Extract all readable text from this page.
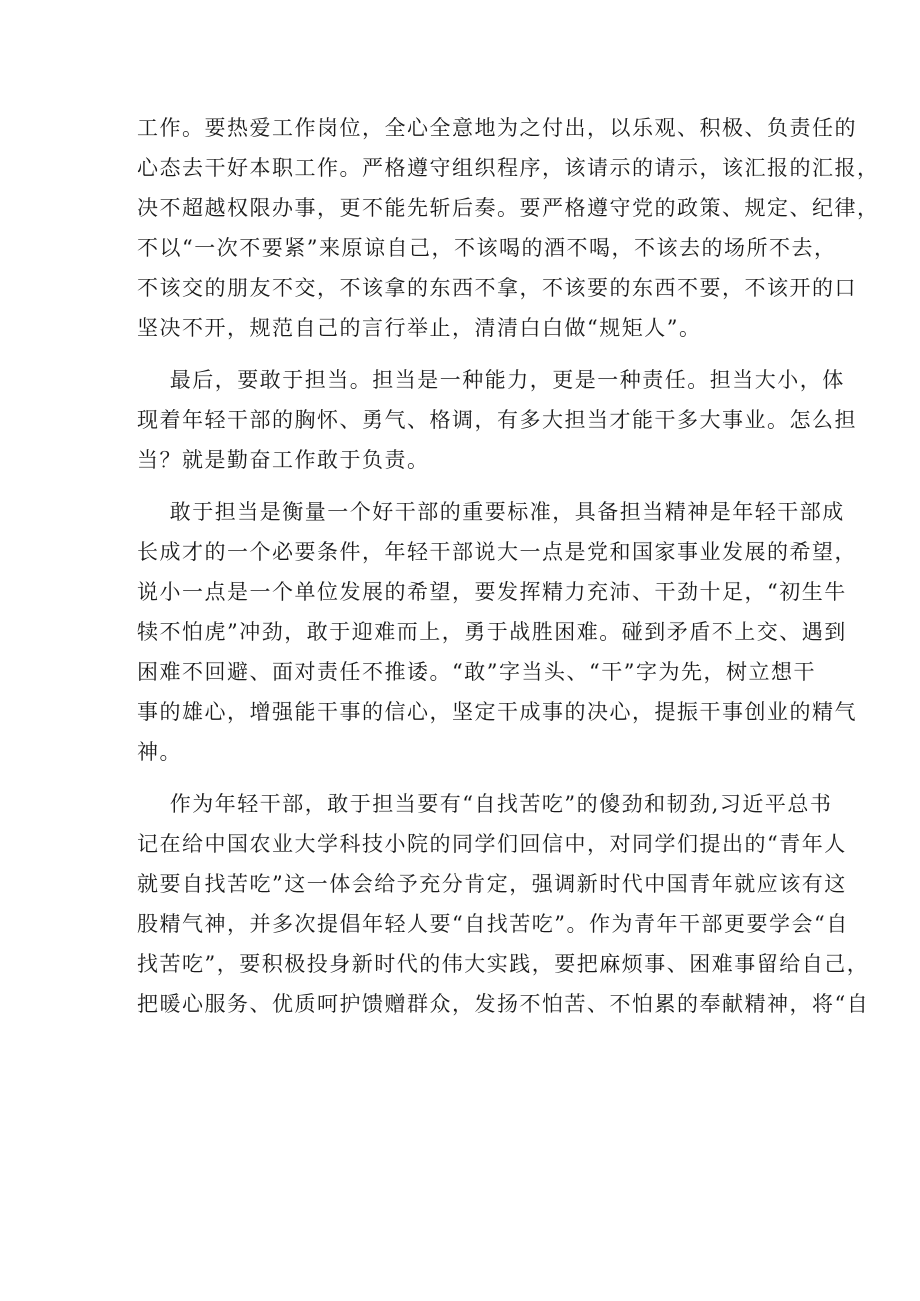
工作。要热爱工作岗位，全心全意地为之付出，以乐观、积极、负责任的
心态去干好本职工作。严格遵守组织程序，该请示的请示，该汇报的汇报，
决不超越权限办事，更不能先斩后奏。要严格遵守党的政策、规定、纪律，
不以“一次不要紧”来原谅自己，不该喝的酒不喝，不该去的场所不去，
不该交的朋友不交，不该拿的东西不拿，不该要的东西不要，不该开的口
坚决不开，规范自己的言行举止，清清白白做“规矩人”。
最后，要敢于担当。担当是一种能力，更是一种责任。担当大小，体
现着年轻干部的胸怀、勇气、格调，有多大担当才能干多大事业。怎么担
当？就是勤奋工作敢于负责。
敢于担当是衡量一个好干部的重要标准，具备担当精神是年轻干部成
长成才的一个必要条件，年轻干部说大一点是党和国家事业发展的希望，
说小一点是一个单位发展的希望，要发挥精力充沛、干劲十足，“初生牛
犊不怕虎”冲劲，敢于迎难而上，勇于战胜困难。碰到矛盾不上交、遇到
困难不回避、面对责任不推诿。“敢”字当头、“干”字为先，树立想干
事的雄心，增强能干事的信心，坚定干成事的决心，提振干事创业的精气
神。
作为年轻干部，敢于担当要有“自找苦吃”的傻劲和韧劲,习近平总书
记在给中国农业大学科技小院的同学们回信中，对同学们提出的“青年人
就要自找苦吃”这一体会给予充分肯定，强调新时代中国青年就应该有这
股精气神，并多次提倡年轻人要“自找苦吃”。作为青年干部更要学会“自
找苦吃”，要积极投身新时代的伟大实践，要把麻烦事、困难事留给自己，
把暖心服务、优质呵护馈赠群众，发扬不怕苦、不怕累的奉献精神，将“自
